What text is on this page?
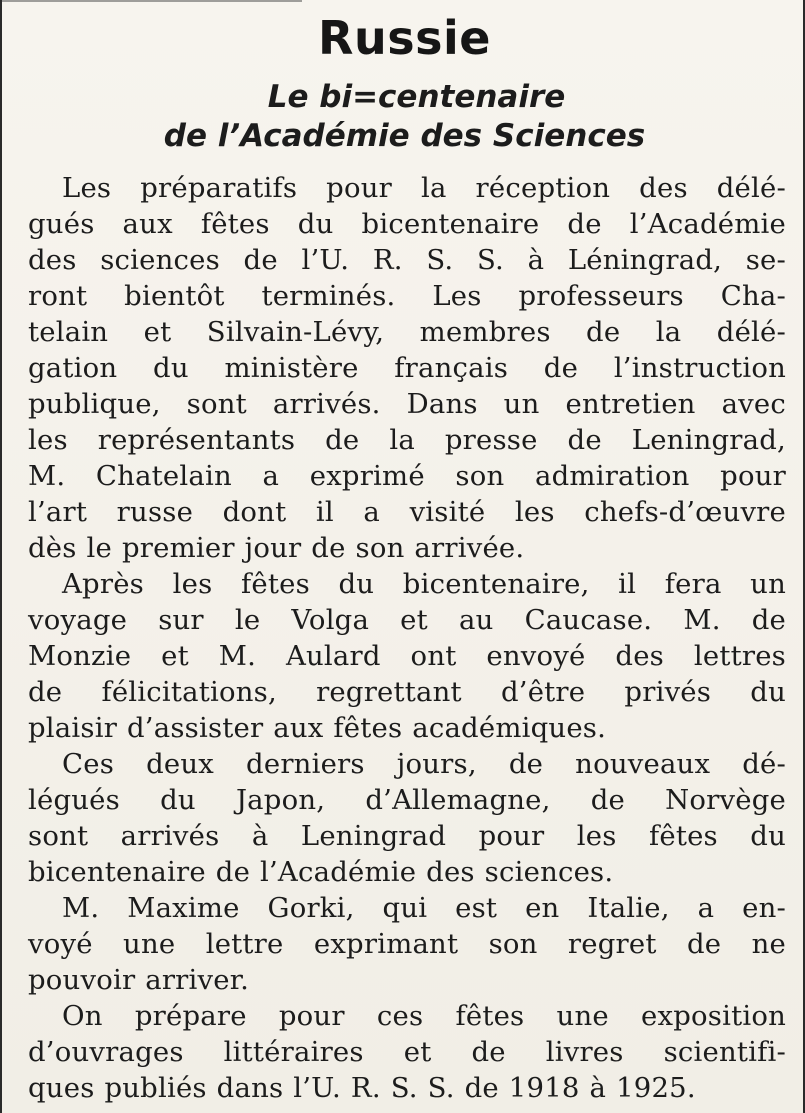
Russie
Le bi=centenaire
de l’Académie des Sciences
Les préparatifs pour la réception des délé-
gués aux fêtes du bicentenaire de l’Académie
des sciences de l’U. R. S. S. à Léningrad, se-
ront bientôt terminés. Les professeurs Cha-
telain et Silvain-Lévy, membres de la délé-
gation du ministère français de l’instruction
publique, sont arrivés. Dans un entretien avec
les représentants de la presse de Leningrad,
M. Chatelain a exprimé son admiration pour
l’art russe dont il a visité les chefs-d’œuvre
dès le premier jour de son arrivée.
Après les fêtes du bicentenaire, il fera un
voyage sur le Volga et au Caucase. M. de
Monzie et M. Aulard ont envoyé des lettres
de félicitations, regrettant d’être privés du
plaisir d’assister aux fêtes académiques.
Ces deux derniers jours, de nouveaux dé-
légués du Japon, d’Allemagne, de Norvège
sont arrivés à Leningrad pour les fêtes du
bicentenaire de l’Académie des sciences.
M. Maxime Gorki, qui est en Italie, a en-
voyé une lettre exprimant son regret de ne
pouvoir arriver.
On prépare pour ces fêtes une exposition
d’ouvrages littéraires et de livres scientifi-
ques publiés dans l’U. R. S. S. de 1918 à 1925.
